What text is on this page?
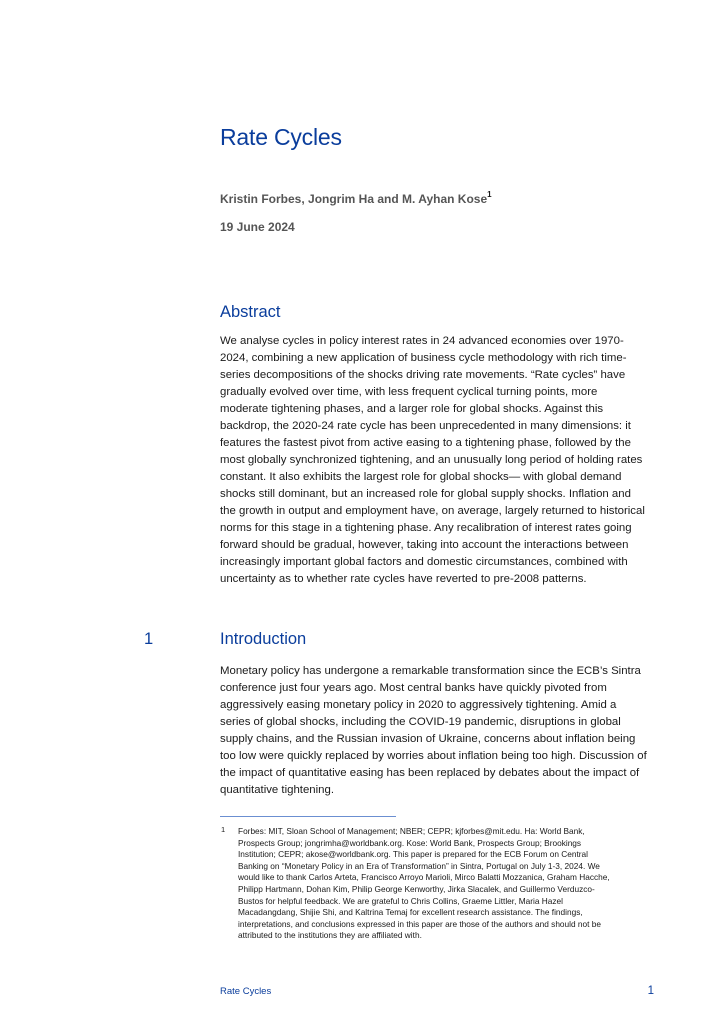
Rate Cycles
Kristin Forbes, Jongrim Ha and M. Ayhan Kose$^1$
19 June 2024
Abstract

We analyse cycles in policy interest rates in 24 advanced economies over 1970-
2024, combining a new application of business cycle methodology with rich time-
series decompositions of the shocks driving rate movements. “Rate cycles” have
gradually evolved over time, with less frequent cyclical turning points, more
moderate tightening phases, and a larger role for global shocks. Against this
backdrop, the 2020-24 rate cycle has been unprecedented in many dimensions: it
features the fastest pivot from active easing to a tightening phase, followed by the
most globally synchronized tightening, and an unusually long period of holding rates
constant. It also exhibits the largest role for global shocks— with global demand
shocks still dominant, but an increased role for global supply shocks. Inflation and
the growth in output and employment have, on average, largely returned to historical
norms for this stage in a tightening phase. Any recalibration of interest rates going
forward should be gradual, however, taking into account the interactions between
increasingly important global factors and domestic circumstances, combined with
uncertainty as to whether rate cycles have reverted to pre-2008 patterns.

1	Introduction

Monetary policy has undergone a remarkable transformation since the ECB’s Sintra
conference just four years ago. Most central banks have quickly pivoted from
aggressively easing monetary policy in 2020 to aggressively tightening. Amid a
series of global shocks, including the COVID-19 pandemic, disruptions in global
supply chains, and the Russian invasion of Ukraine, concerns about inflation being
too low were quickly replaced by worries about inflation being too high. Discussion of
the impact of quantitative easing has been replaced by debates about the impact of
quantitative tightening.

1 Forbes: MIT, Sloan School of Management; NBER; CEPR; kjforbes@mit.edu. Ha: World Bank,
Prospects Group; jongrimha@worldbank.org. Kose: World Bank, Prospects Group; Brookings
Institution; CEPR; akose@worldbank.org. This paper is prepared for the ECB Forum on Central
Banking on “Monetary Policy in an Era of Transformation” in Sintra, Portugal on July 1-3, 2024. We
would like to thank Carlos Arteta, Francisco Arroyo Marioli, Mirco Balatti Mozzanica, Graham Hacche,
Philipp Hartmann, Dohan Kim, Philip George Kenworthy, Jirka Slacalek, and Guillermo Verduzco-
Bustos for helpful feedback. We are grateful to Chris Collins, Graeme Littler, Maria Hazel
Macadangdang, Shijie Shi, and Kaltrina Temaj for excellent research assistance. The findings,
interpretations, and conclusions expressed in this paper are those of the authors and should not be
attributed to the institutions they are affiliated with.

Rate Cycles	1
